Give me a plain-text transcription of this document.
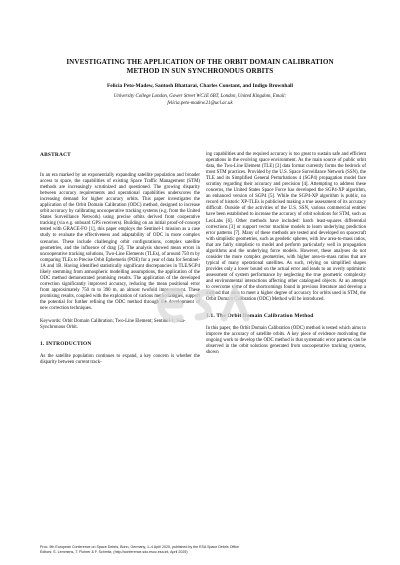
INVESTIGATING THE APPLICATION OF THE ORBIT DOMAIN CALIBRATION
METHOD IN SUN SYNCHRONOUS ORBITS
Felicia Peto-Madew, Santosh Bhattarai, Charles Constant, and Indigo Brownhall
University College London, Gower Street WC1E 6BT, London, United Kingdom, Email:
felicia.peto-madew.21@ucl.ac.uk

ABSTRACT

In an era marked by an exponentially expanding satellite population and broader access to space, the capabilities of existing Space Traffic Management (STM) methods are increasingly scrutinized and questioned. The growing disparity between accuracy requirements and operational capabilities underscores the increasing demand for higher accuracy orbits. This paper investigates the application of the Orbit Domain Calibration (ODC) method, designed to increase orbit accuracy by calibrating uncooperative tracking systems (e.g. from the United States Surveillance Network) using precise orbits derived from cooperative tracking (via e.g. onboard GPS receivers). Building on an initial proof-of-concept tested with GRACE-FO [1], this paper employs the Sentinel-1 mission as a case study to evaluate the effectiveness and adaptability of ODC in more complex scenarios. These include challenging orbit configurations, complex satellite geometries, and the influence of drag [2]. The analysis showed mean errors in uncooperative tracking solutions, Two-Line Elements (TLEs), of around 750 m by comparing TLEs to Precise Orbit Ephemeris (POE) for a year of data for Sentinel-1A and 1B. Having identified statistically significant discrepancies in TLE/SGP4 likely stemming from atmospheric modelling assumptions, the application of the ODC method demonstrated promising results. The application of the developed correction significantly improved accuracy, reducing the mean positional error from approximately 750 m to 390 m, an almost twofold improvement. These promising results, coupled with the exploration of various methodologies, support the potential for further refining the ODC method through the development of new correction techniques.

Keywords: Orbit Domain Calibration; Two-Line Element; Sentinel-1; Sun-Synchronous Orbit.

1. INTRODUCTION

As the satellite population continues to expand, a key concern is whether the disparity between current track-

ing capabilities and the required accuracy is too great to sustain safe and efficient operations in the evolving space environment. As the main source of public orbit data, the Two-Line Element (TLE) [3] data format currently forms the bedrock of most STM practices. Provided by the U.S. Space Surveillance Network (SSN), the TLE and its Simplified General Perturbations 4 (SGP4) propagation model face scrutiny regarding their accuracy and precision [4]. Attempting to address these concerns, the United States Space Force has developed the SGP4-XP algorithm, an enhanced version of SGP4 [5]. While the SGP4-XP algorithm is public, no record of historic XP-TLEs is publicised making a true assessment of its accuracy difficult. Outside of the activities of the U.S. SSN, various commercial entities have been established to increase the accuracy of orbit solutions for STM, such as LeoLabs [6]. Other methods have included: batch least-squares differential corrections [3] or support vector machine models to learn underlying prediction error patterns [7]. Many of these methods are tested and developed on spacecraft with simplistic geometries, such as geodetic spheres, with low area-to-mass ratios, that are fairly simplistic to model and perform particularly well in propagation algorithms and the underlying force models. However, these analyses do not consider the more complex geometries, with higher area-to-mass ratios that are typical of many operational satellites. As such, relying on simplified shapes provides only a lower bound on the actual error and leads to an overly optimistic assessment of system performance by neglecting the true geometric complexity and environmental interactions affecting other catalogued objects. At an attempt to overcome some of the shortcomings found in previous literature and develop a method that aims to meet a higher degree of accuracy for orbits used in STM, the Orbit Domain Calibration (ODC) Method will be introduced.

1.1. The Orbit Domain Calibration Method

In this paper, the Orbit Domain Calibration (ODC) method is tested which aims to improve the accuracy of satellite orbits. A key piece of evidence motivating the ongoing work to develop the ODC method is that systematic error patterns can be observed in the orbit solutions generated from uncooperative tracking systems, shown

Proc. 9th European Conference on Space Debris, Bonn, Germany, 1–4 April 2025, published by the ESA Space Debris Office
Editors: S. Lemmens, T. Flohrer & F. Schmitz, (http://conference.sdo.esoc.esa.int, April 2025)
